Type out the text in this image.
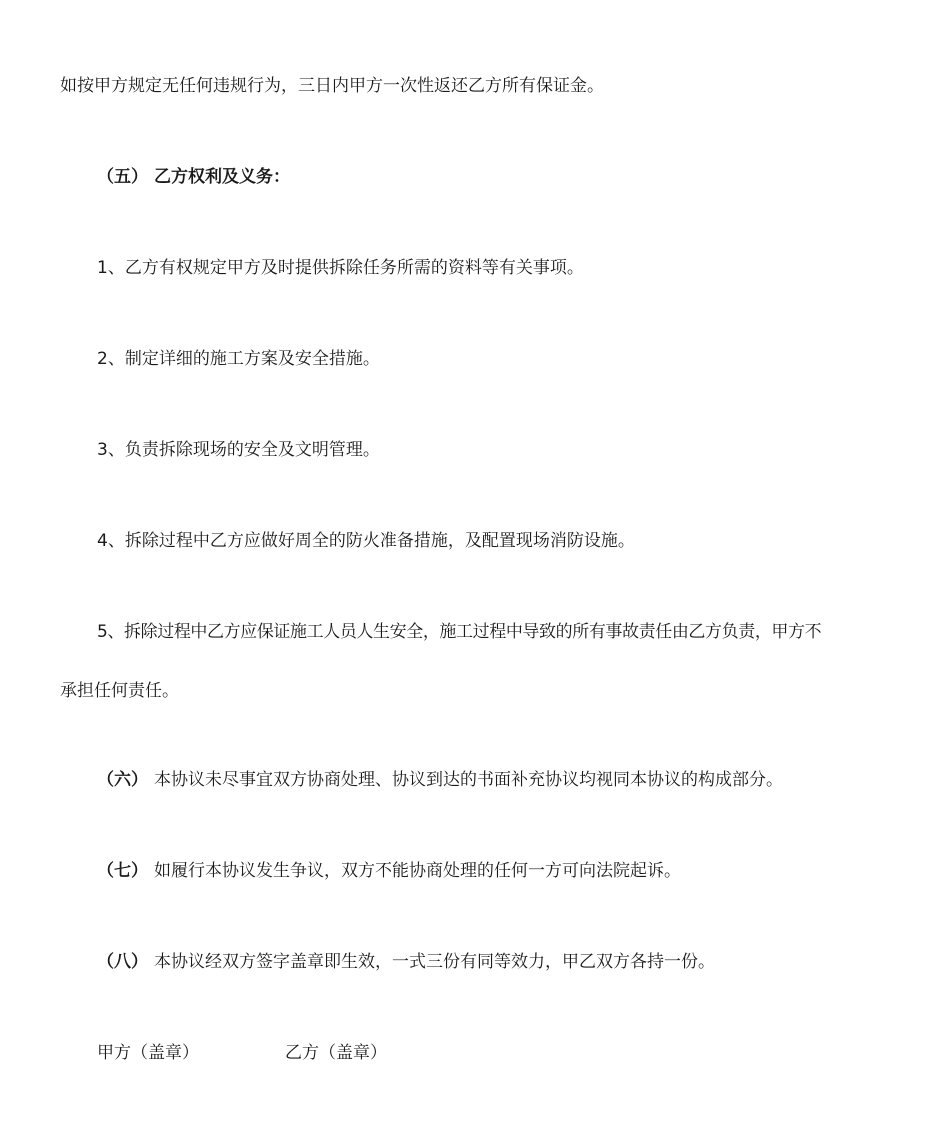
如按甲方规定无任何违规行为，三日内甲方一次性返还乙方所有保证金。
（五） 乙方权利及义务：
1、乙方有权规定甲方及时提供拆除任务所需的资料等有关事项。
2、制定详细的施工方案及安全措施。
3、负责拆除现场的安全及文明管理。
4、拆除过程中乙方应做好周全的防火准备措施，及配置现场消防设施。
5、拆除过程中乙方应保证施工人员人生安全，施工过程中导致的所有事故责任由乙方负责，甲方不
承担任何责任。
（六） 本协议未尽事宜双方协商处理、协议到达的书面补充协议均视同本协议的构成部分。
（七） 如履行本协议发生争议，双方不能协商处理的任何一方可向法院起诉。
（八） 本协议经双方签字盖章即生效，一式三份有同等效力，甲乙双方各持一份。
甲方（盖章）	乙方（盖章）
